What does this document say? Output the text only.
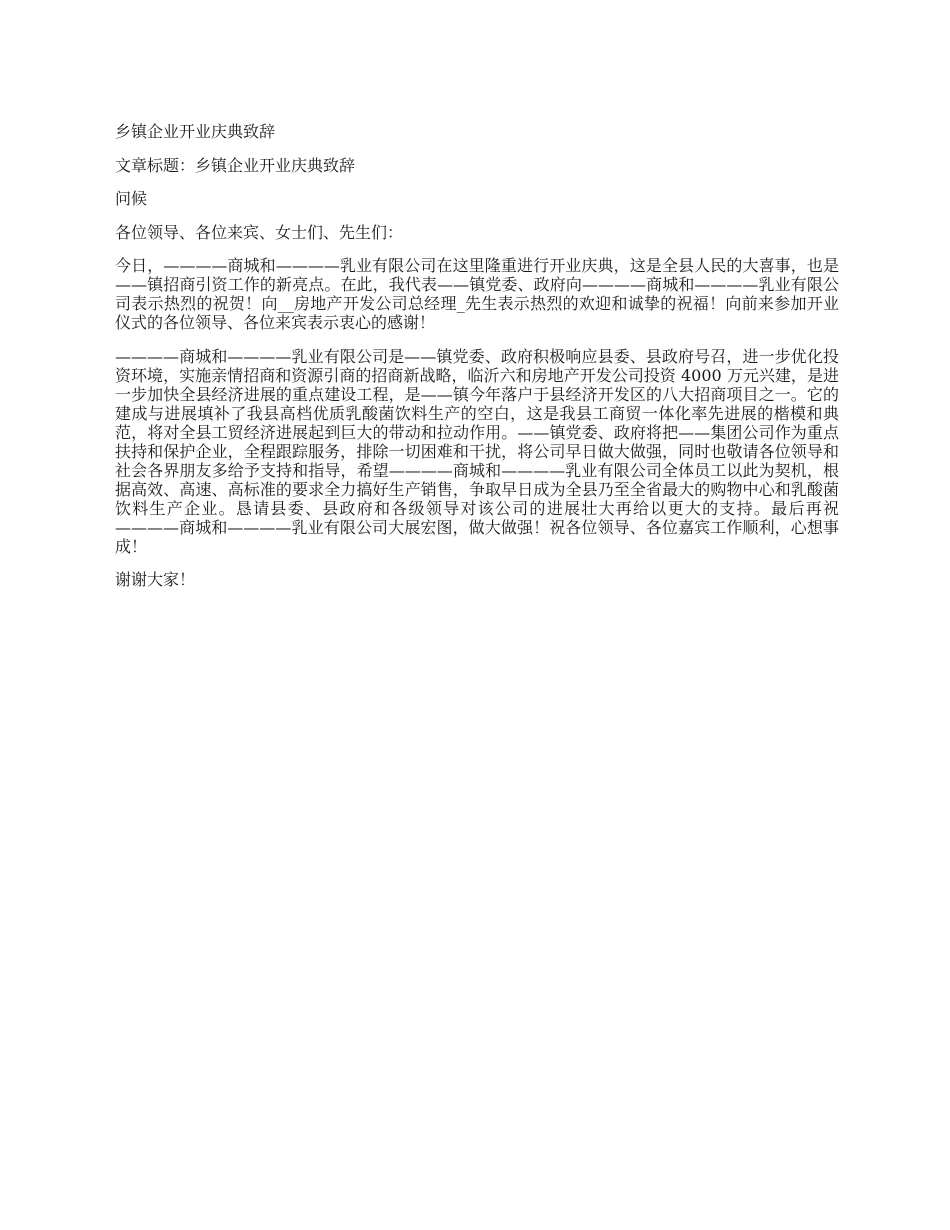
乡镇企业开业庆典致辞

文章标题：乡镇企业开业庆典致辞

问候

各位领导、各位来宾、女士们、先生们：

今日，————商城和————乳业有限公司在这里隆重进行开业庆典，这是全县人民的大喜事，也是——镇招商引资工作的新亮点。在此，我代表——镇党委、政府向————商城和————乳业有限公司表示热烈的祝贺！向__房地产开发公司总经理_先生表示热烈的欢迎和诚挚的祝福！向前来参加开业仪式的各位领导、各位来宾表示衷心的感谢！

————商城和————乳业有限公司是——镇党委、政府积极响应县委、县政府号召，进一步优化投资环境，实施亲情招商和资源引商的招商新战略，临沂六和房地产开发公司投资 4000 万元兴建，是进一步加快全县经济进展的重点建设工程，是——镇今年落户于县经济开发区的八大招商项目之一。它的建成与进展填补了我县高档优质乳酸菌饮料生产的空白，这是我县工商贸一体化率先进展的楷模和典范，将对全县工贸经济进展起到巨大的带动和拉动作用。——镇党委、政府将把——集团公司作为重点扶持和保护企业，全程跟踪服务，排除一切困难和干扰，将公司早日做大做强，同时也敬请各位领导和社会各界朋友多给予支持和指导，希望————商城和————乳业有限公司全体员工以此为契机，根据高效、高速、高标准的要求全力搞好生产销售，争取早日成为全县乃至全省最大的购物中心和乳酸菌饮料生产企业。恳请县委、县政府和各级领导对该公司的进展壮大再给以更大的支持。最后再祝————商城和————乳业有限公司大展宏图，做大做强！祝各位领导、各位嘉宾工作顺利，心想事成！

谢谢大家！
